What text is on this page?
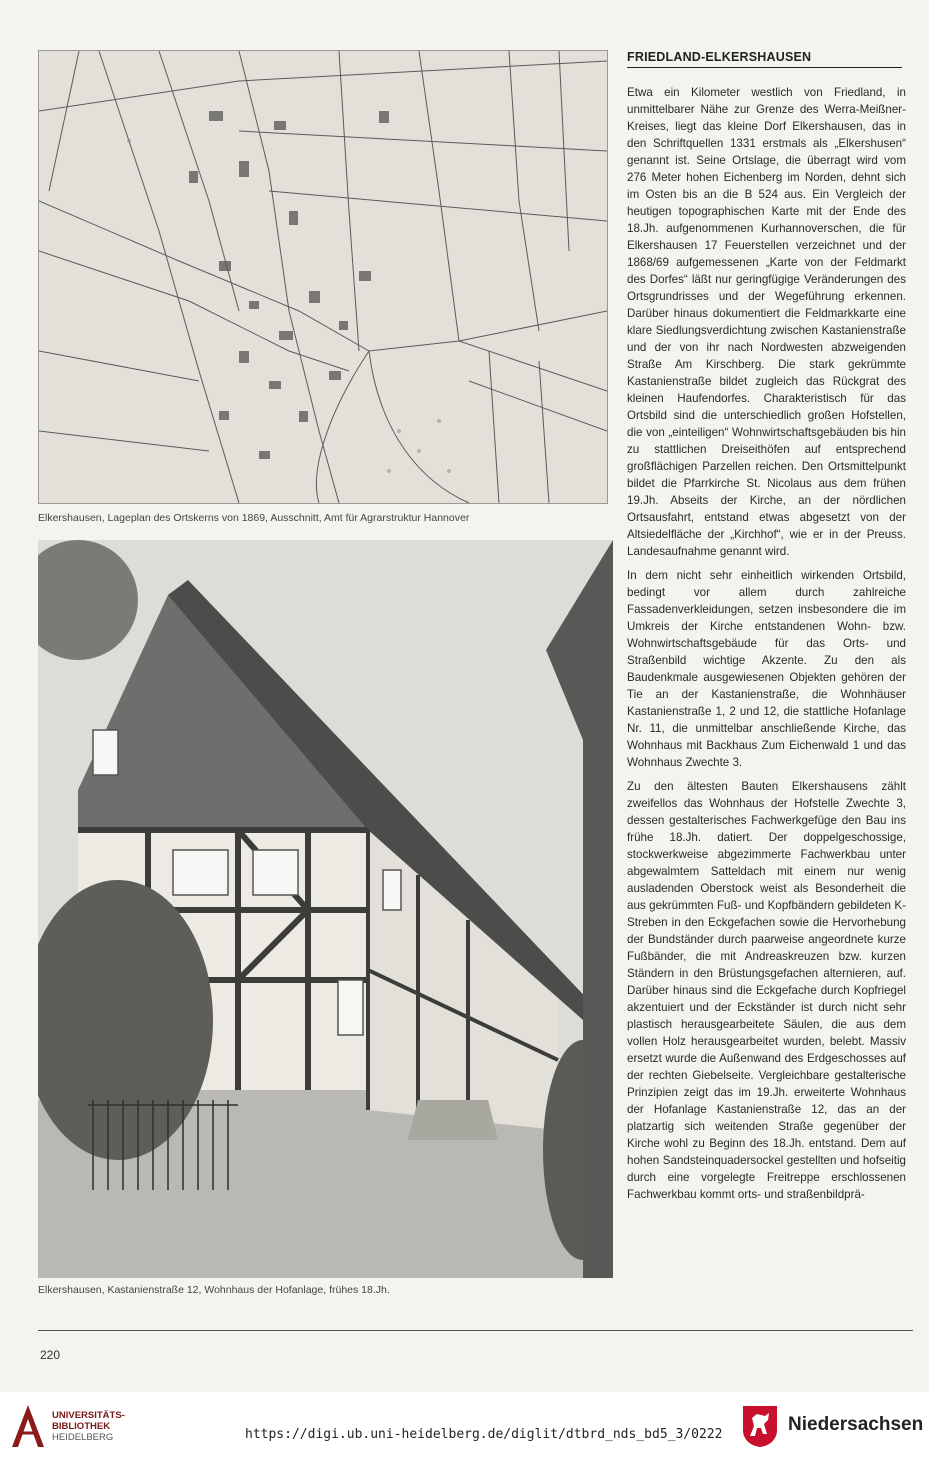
Elkershausen, Lageplan des Ortskerns von 1869, Ausschnitt, Amt für Agrarstruktur Hannover
Elkershausen, Kastanienstraße 12, Wohnhaus der Hofanlage, frühes 18.Jh.
FRIEDLAND-ELKERSHAUSEN

Etwa ein Kilometer westlich von Friedland, in unmittelbarer Nähe zur Grenze des Werra-Meißner-Kreises, liegt das kleine Dorf Elkershausen, das in den Schriftquellen 1331 erstmals als „Elkershusen“ genannt ist. Seine Ortslage, die überragt wird vom 276 Meter hohen Eichenberg im Norden, dehnt sich im Osten bis an die B 524 aus. Ein Vergleich der heutigen topographischen Karte mit der Ende des 18.Jh. aufgenommenen Kurhannoverschen, die für Elkershausen 17 Feuerstellen verzeichnet und der 1868/69 aufgemessenen „Karte von der Feldmarkt des Dorfes“ läßt nur geringfügige Veränderungen des Ortsgrundrisses und der Wegeführung erkennen. Darüber hinaus dokumentiert die Feldmarkkarte eine klare Siedlungsverdichtung zwischen Kastanienstraße und der von ihr nach Nordwesten abzweigenden Straße Am Kirschberg. Die stark gekrümmte Kastanienstraße bildet zugleich das Rückgrat des kleinen Haufendorfes. Charakteristisch für das Ortsbild sind die unterschiedlich großen Hofstellen, die von „einteiligen“ Wohnwirtschaftsgebäuden bis hin zu stattlichen Dreiseithöfen auf entsprechend großflächigen Parzellen reichen. Den Ortsmittelpunkt bildet die Pfarrkirche St. Nicolaus aus dem frühen 19.Jh. Abseits der Kirche, an der nördlichen Ortsausfahrt, entstand etwas abgesetzt von der Altsiedelfläche der „Kirchhof“, wie er in der Preuss. Landesaufnahme genannt wird.

In dem nicht sehr einheitlich wirkenden Ortsbild, bedingt vor allem durch zahlreiche Fassadenverkleidungen, setzen insbesondere die im Umkreis der Kirche entstandenen Wohn- bzw. Wohnwirtschaftsgebäude für das Orts- und Straßenbild wichtige Akzente. Zu den als Baudenkmale ausgewiesenen Objekten gehören der Tie an der Kastanienstraße, die Wohnhäuser Kastanienstraße 1, 2 und 12, die stattliche Hofanlage Nr. 11, die unmittelbar anschließende Kirche, das Wohnhaus mit Backhaus Zum Eichenwald 1 und das Wohnhaus Zwechte 3.

Zu den ältesten Bauten Elkershausens zählt zweifellos das Wohnhaus der Hofstelle Zwechte 3, dessen gestalterisches Fachwerkgefüge den Bau ins frühe 18.Jh. datiert. Der doppelgeschossige, stockwerkweise abgezimmerte Fachwerkbau unter abgewalmtem Satteldach mit einem nur wenig ausladenden Oberstock weist als Besonderheit die aus gekrümmten Fuß- und Kopfbändern gebildeten K-Streben in den Eckgefachen sowie die Hervorhebung der Bundständer durch paarweise angeordnete kurze Fußbänder, die mit Andreaskreuzen bzw. kurzen Ständern in den Brüstungsgefachen alternieren, auf. Darüber hinaus sind die Eckgefache durch Kopfriegel akzentuiert und der Eckständer ist durch nicht sehr plastisch herausgearbeitete Säulen, die aus dem vollen Holz herausgearbeitet wurden, belebt. Massiv ersetzt wurde die Außenwand des Erdgeschosses auf der rechten Giebelseite. Vergleichbare gestalterische Prinzipien zeigt das im 19.Jh. erweiterte Wohnhaus der Hofanlage Kastanienstraße 12, das an der platzartig sich weitenden Straße gegenüber der Kirche wohl zu Beginn des 18.Jh. entstand. Dem auf hohen Sandsteinquadersockel gestellten und hofseitig durch eine vorgelegte Freitreppe erschlossenen Fachwerkbau kommt orts- und straßenbildprä-

220
UNIVERSITÄTS-
BIBLIOTHEK
HEIDELBERG	https://digi.ub.uni-heidelberg.de/diglit/dtbrd_nds_bd5_3/0222	Niedersachsen
